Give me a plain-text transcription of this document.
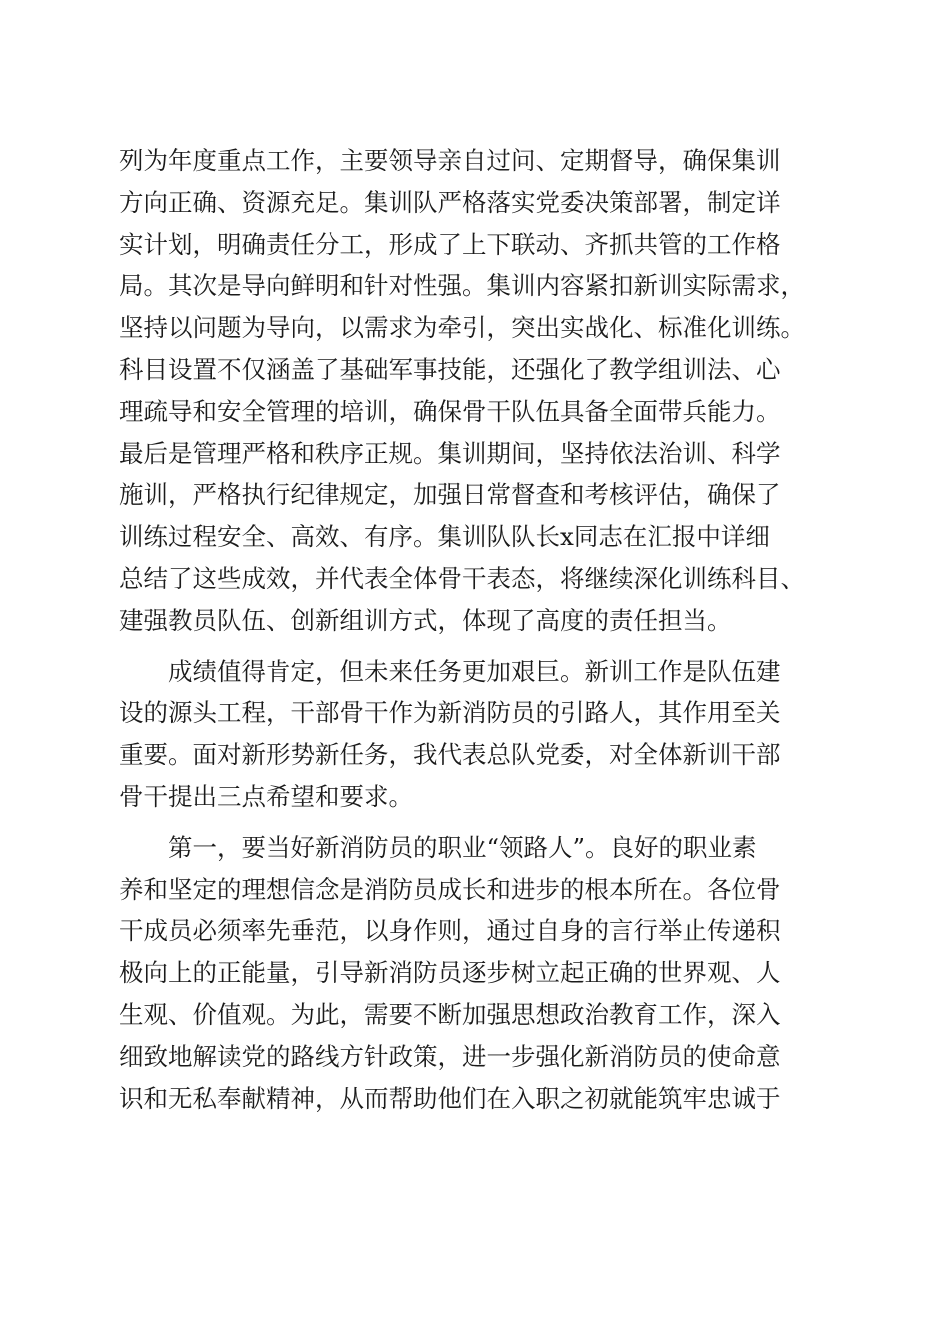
列为年度重点工作，主要领导亲自过问、定期督导，确保集训
方向正确、资源充足。集训队严格落实党委决策部署，制定详
实计划，明确责任分工，形成了上下联动、齐抓共管的工作格
局。其次是导向鲜明和针对性强。集训内容紧扣新训实际需求，
坚持以问题为导向，以需求为牵引，突出实战化、标准化训练。
科目设置不仅涵盖了基础军事技能，还强化了教学组训法、心
理疏导和安全管理的培训，确保骨干队伍具备全面带兵能力。
最后是管理严格和秩序正规。集训期间，坚持依法治训、科学
施训，严格执行纪律规定，加强日常督查和考核评估，确保了
训练过程安全、高效、有序。集训队队长x同志在汇报中详细
总结了这些成效，并代表全体骨干表态，将继续深化训练科目、
建强教员队伍、创新组训方式，体现了高度的责任担当。
成绩值得肯定，但未来任务更加艰巨。新训工作是队伍建
设的源头工程，干部骨干作为新消防员的引路人，其作用至关
重要。面对新形势新任务，我代表总队党委，对全体新训干部
骨干提出三点希望和要求。
第一，要当好新消防员的职业“领路人”。良好的职业素
养和坚定的理想信念是消防员成长和进步的根本所在。各位骨
干成员必须率先垂范，以身作则，通过自身的言行举止传递积
极向上的正能量，引导新消防员逐步树立起正确的世界观、人
生观、价值观。为此，需要不断加强思想政治教育工作，深入
细致地解读党的路线方针政策，进一步强化新消防员的使命意
识和无私奉献精神，从而帮助他们在入职之初就能筑牢忠诚于
